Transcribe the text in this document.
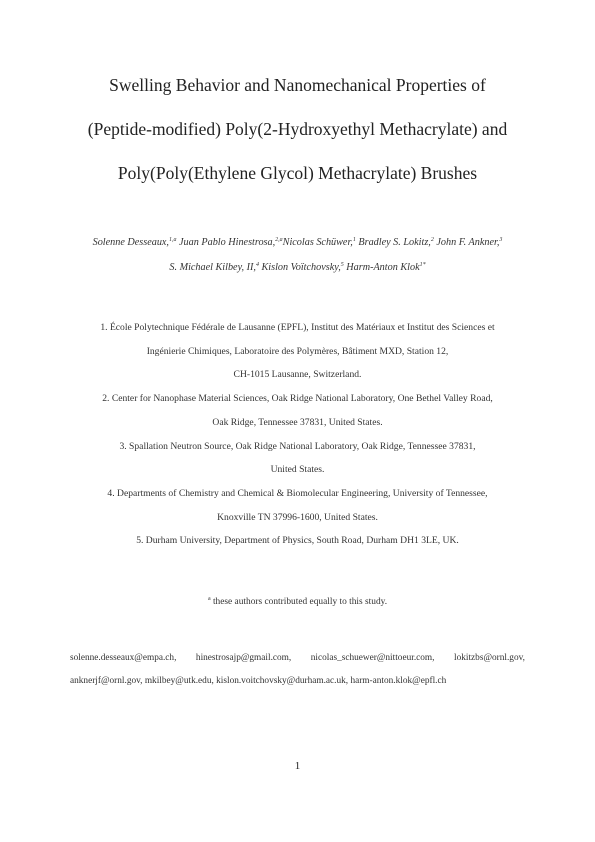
Swelling Behavior and Nanomechanical Properties of
(Peptide-modified) Poly(2-Hydroxyethyl Methacrylate) and
Poly(Poly(Ethylene Glycol) Methacrylate) Brushes
Solenne Desseaux,$^{1,a}$ Juan Pablo Hinestrosa,$^{2,a}$Nicolas Schüwer,$^1$ Bradley S. Lokitz,$^2$ John F. Ankner,$^3$
S. Michael Kilbey, II,$^4$ Kislon Voïtchovsky,$^5$ Harm-Anton Klok$^{1*}$
1. École Polytechnique Fédérale de Lausanne (EPFL), Institut des Matériaux et Institut des Sciences et
Ingénierie Chimiques, Laboratoire des Polymères, Bâtiment MXD, Station 12,
CH-1015 Lausanne, Switzerland.
2. Center for Nanophase Material Sciences, Oak Ridge National Laboratory, One Bethel Valley Road,
Oak Ridge, Tennessee 37831, United States.
3. Spallation Neutron Source, Oak Ridge National Laboratory, Oak Ridge, Tennessee 37831,
United States.
4. Departments of Chemistry and Chemical & Biomolecular Engineering, University of Tennessee,
Knoxville TN 37996-1600, United States.
5. Durham University, Department of Physics, South Road, Durham DH1 3LE, UK.
$^a$ these authors contributed equally to this study.
solenne.desseaux@empa.ch, hinestrosajp@gmail.com, nicolas_schuewer@nittoeur.com, lokitzbs@ornl.gov,
anknerjf@ornl.gov, mkilbey@utk.edu, kislon.voitchovsky@durham.ac.uk, harm-anton.klok@epfl.ch
1
